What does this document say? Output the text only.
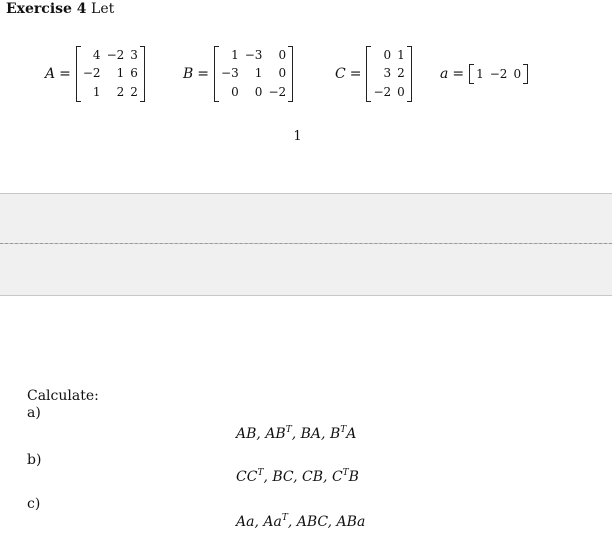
Exercise 4 Let
A =
4	−2	3
−2	1	6
1	2	2
B =
1	−3	0
−3	1	0
0	0	−2
C =
0	1
3	2
−2	0
a = 1	−2	0
1
Calculate:
a)
AB, $AB^T$, BA, $B^TA$
b)
$CC^T$, BC, CB, $C^TB$
c)
Aa, $Aa^T$, ABC, ABa
